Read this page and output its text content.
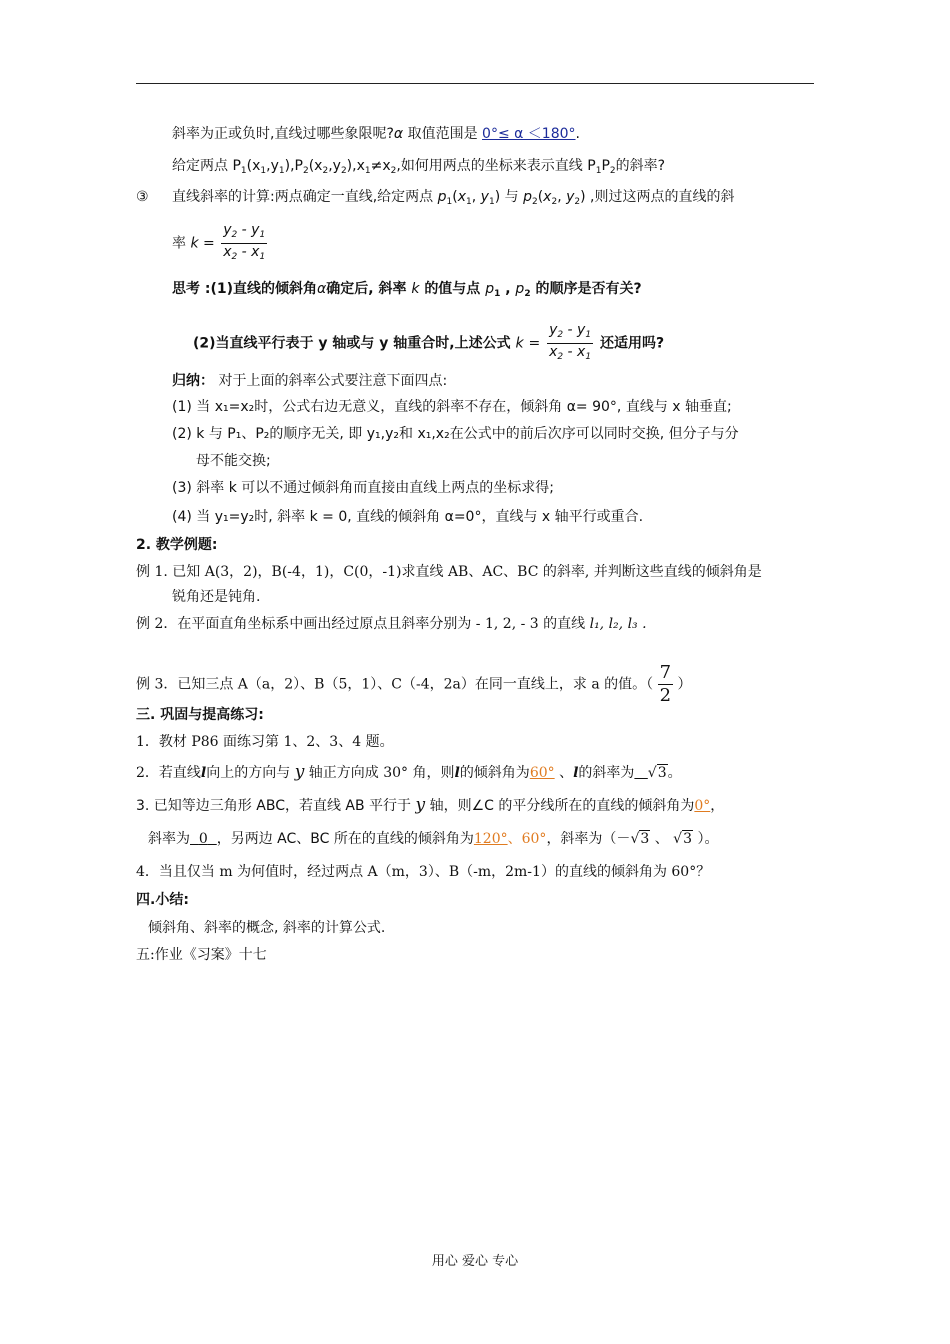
斜率为正或负时,直线过哪些象限呢?α 取值范围是 0°≤ α ＜180°.
给定两点 $P_1(x_1,y_1),P_2(x_2,y_2),x_1\ne x_2$,如何用两点的坐标来表示直线 $P_1P_2$的斜率?
③ 直线斜率的计算:两点确定一直线,给定两点 $p_1(x_1$, $y_1$) 与 $p_2(x_2$, $y_2$) ,则过这两点的直线的斜
率 $k = \frac{y_2 - y_1}{x_2 - x_1}$
思考 :(1)直线的倾斜角α确定后, 斜率 k 的值与点 $p_1$ , $p_2$ 的顺序是否有关?
(2)当直线平行表于 y 轴或与 y 轴重合时,上述公式 $k = \frac{y_2 - y_1}{x_2 - x_1}$ 还适用吗?
归纳： 对于上面的斜率公式要注意下面四点:
(1) 当 x₁=x₂时，公式右边无意义，直线的斜率不存在，倾斜角 α= 90°, 直线与 x 轴垂直;
(2) k 与 P₁、P₂的顺序无关, 即 y₁,y₂和 x₁,x₂在公式中的前后次序可以同时交换, 但分子与分
母不能交换;
(3) 斜率 k 可以不通过倾斜角而直接由直线上两点的坐标求得;
(4) 当 y₁=y₂时, 斜率 k = 0, 直线的倾斜角 α=0°，直线与 x 轴平行或重合.
2. 教学例题:
例 1. 已知 A(3，2)，B(-4，1)，C(0，-1)求直线 AB、AC、BC 的斜率, 并判断这些直线的倾斜角是
锐角还是钝角.
例 2．在平面直角坐标系中画出经过原点且斜率分别为 - 1, 2, - 3 的直线 l₁, l₂, l₃ .
例 3．已知三点 A（a，2）、B（5，1）、C（-4，2a）在同一直线上，求 a 的值。（ $\frac{7}{2}$ ）
三. 巩固与提高练习:
1．教材 P86 面练习第 1、2、3、4 题。
2．若直线l向上的方向与 y 轴正方向成 30° 角，则l的倾斜角为60° 、l的斜率为 √3。
3. 已知等边三角形 ABC，若直线 AB 平行于 y 轴，则∠C 的平分线所在的直线的倾斜角为0°，
斜率为 0 ，另两边 AC、BC 所在的直线的倾斜角为120°、60°，斜率为（－√3 、 √3 ）。
4．当且仅当 m 为何值时，经过两点 A（m，3）、B（-m，2m-1）的直线的倾斜角为 60°？
四.小结:
倾斜角、斜率的概念, 斜率的计算公式.
五:作业《习案》十七
用心 爱心 专心
